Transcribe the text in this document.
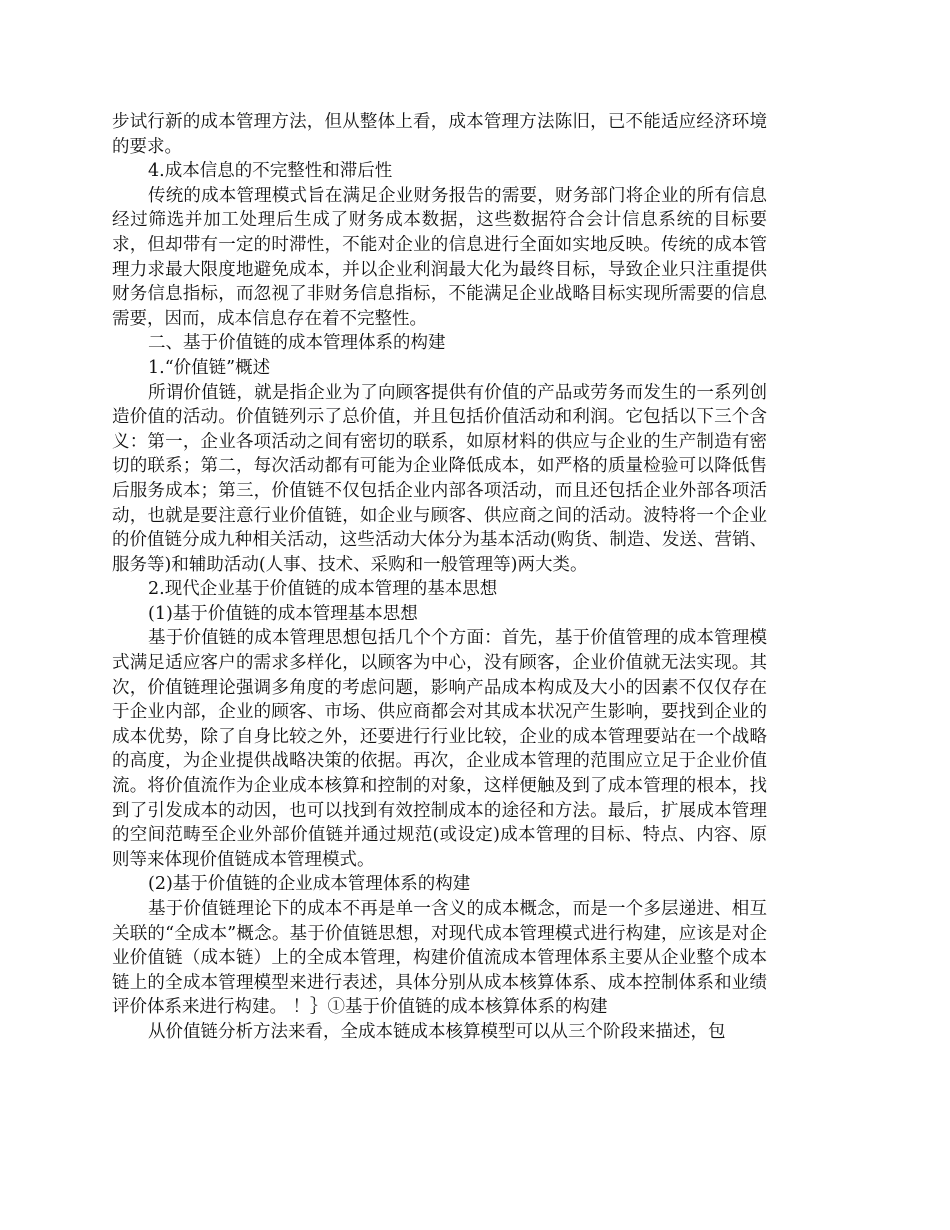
步试行新的成本管理方法，但从整体上看，成本管理方法陈旧，已不能适应经济环境的要求。

4.成本信息的不完整性和滞后性

传统的成本管理模式旨在满足企业财务报告的需要，财务部门将企业的所有信息经过筛选并加工处理后生成了财务成本数据，这些数据符合会计信息系统的目标要求，但却带有一定的时滞性，不能对企业的信息进行全面如实地反映。传统的成本管理力求最大限度地避免成本，并以企业利润最大化为最终目标，导致企业只注重提供财务信息指标，而忽视了非财务信息指标，不能满足企业战略目标实现所需要的信息需要，因而，成本信息存在着不完整性。

二、基于价值链的成本管理体系的构建

1.“价值链”概述

所谓价值链，就是指企业为了向顾客提供有价值的产品或劳务而发生的一系列创造价值的活动。价值链列示了总价值，并且包括价值活动和利润。它包括以下三个含义：第一，企业各项活动之间有密切的联系，如原材料的供应与企业的生产制造有密切的联系；第二，每次活动都有可能为企业降低成本，如严格的质量检验可以降低售后服务成本；第三，价值链不仅包括企业内部各项活动，而且还包括企业外部各项活动，也就是要注意行业价值链，如企业与顾客、供应商之间的活动。波特将一个企业的价值链分成九种相关活动，这些活动大体分为基本活动(购货、制造、发送、营销、服务等)和辅助活动(人事、技术、采购和一般管理等)两大类。

2.现代企业基于价值链的成本管理的基本思想

(1)基于价值链的成本管理基本思想

基于价值链的成本管理思想包括几个个方面：首先，基于价值管理的成本管理模式满足适应客户的需求多样化，以顾客为中心，没有顾客，企业价值就无法实现。其次，价值链理论强调多角度的考虑问题，影响产品成本构成及大小的因素不仅仅存在于企业内部，企业的顾客、市场、供应商都会对其成本状况产生影响，要找到企业的成本优势，除了自身比较之外，还要进行行业比较，企业的成本管理要站在一个战略的高度，为企业提供战略决策的依据。再次，企业成本管理的范围应立足于企业价值流。将价值流作为企业成本核算和控制的对象，这样便触及到了成本管理的根本，找到了引发成本的动因，也可以找到有效控制成本的途径和方法。最后，扩展成本管理的空间范畴至企业外部价值链并通过规范(或设定)成本管理的目标、特点、内容、原则等来体现价值链成本管理模式。

(2)基于价值链的企业成本管理体系的构建

基于价值链理论下的成本不再是单一含义的成本概念，而是一个多层递进、相互关联的“全成本”概念。基于价值链思想，对现代成本管理模式进行构建，应该是对企业价值链（成本链）上的全成本管理，构建价值流成本管理体系主要从企业整个成本链上的全成本管理模型来进行表述，具体分别从成本核算体系、成本控制体系和业绩评价体系来进行构建。 ！｝①基于价值链的成本核算体系的构建

从价值链分析方法来看，全成本链成本核算模型可以从三个阶段来描述，包
